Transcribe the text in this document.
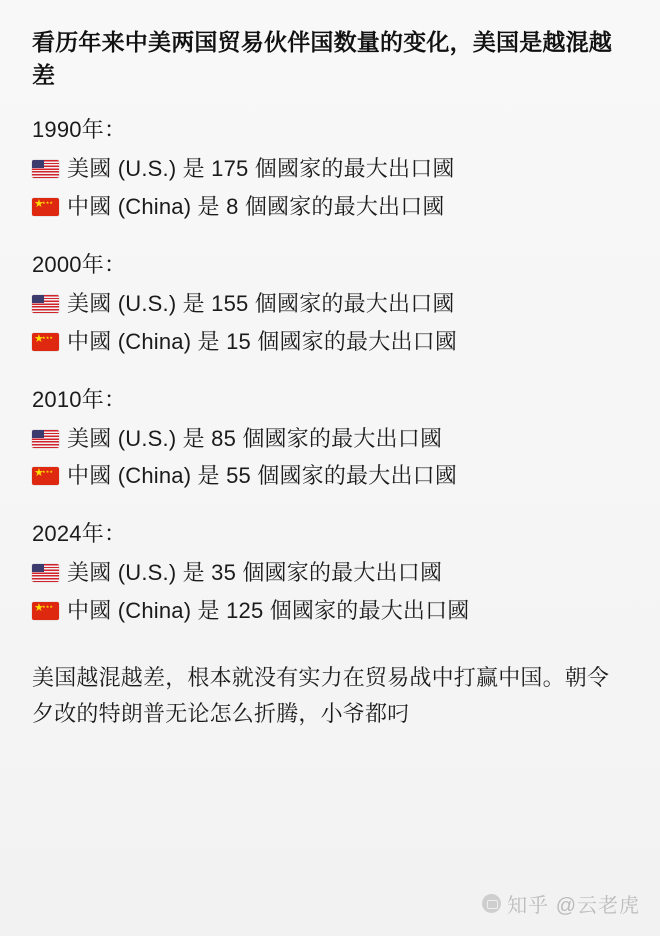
看历年来中美两国贸易伙伴国数量的变化，美国是越混越差
1990年：
美國 (U.S.) 是 175 個國家的最大出口國
★ ★ ★ ★
中國 (China) 是 8 個國家的最大出口國
2000年：
美國 (U.S.) 是 155 個國家的最大出口國
★ ★ ★ ★
中國 (China) 是 15 個國家的最大出口國
2010年：
美國 (U.S.) 是 85 個國家的最大出口國
★ ★ ★ ★
中國 (China) 是 55 個國家的最大出口國
2024年：
美國 (U.S.) 是 35 個國家的最大出口國
★ ★ ★ ★
中國 (China) 是 125 個國家的最大出口國
美国越混越差，根本就没有实力在贸易战中打赢中国。朝令夕改的特朗普无论怎么折腾，小爷都叼
知乎 @云老虎
